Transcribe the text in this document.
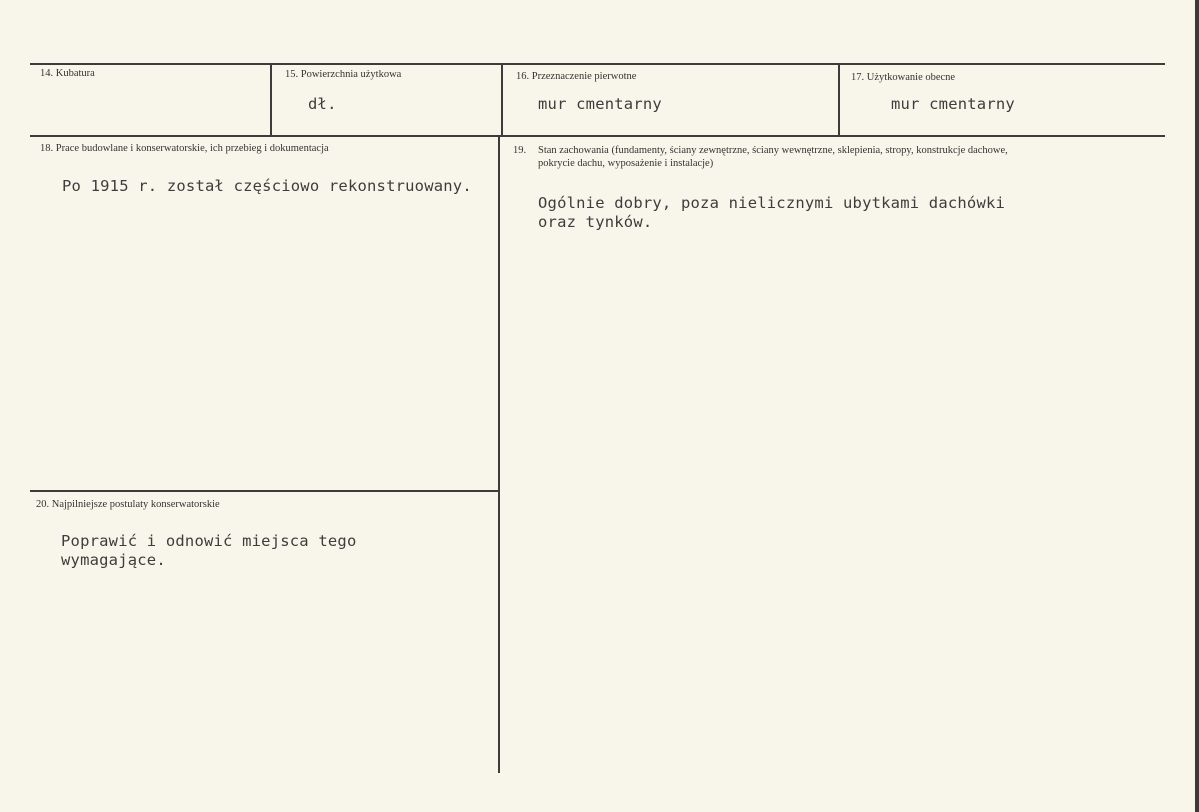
14. Kubatura	15. Powierzchnia użytkowa
dł.
16. Przeznaczenie pierwotne
mur cmentarny
17. Użytkowanie obecne
mur cmentarny
18. Prace budowlane i konserwatorskie, ich przebieg i dokumentacja
Po 1915 r. został częściowo rekonstruowany.
19. Stan zachowania (fundamenty, ściany zewnętrzne, ściany wewnętrzne, sklepienia, stropy, konstrukcje dachowe, pokrycie dachu, wyposażenie i instalacje)
Ogólnie dobry, poza nielicznymi ubytkami dachówki
oraz tynków.
20. Najpilniejsze postulaty konserwatorskie
Poprawić i odnowić miejsca tego
wymagające.
